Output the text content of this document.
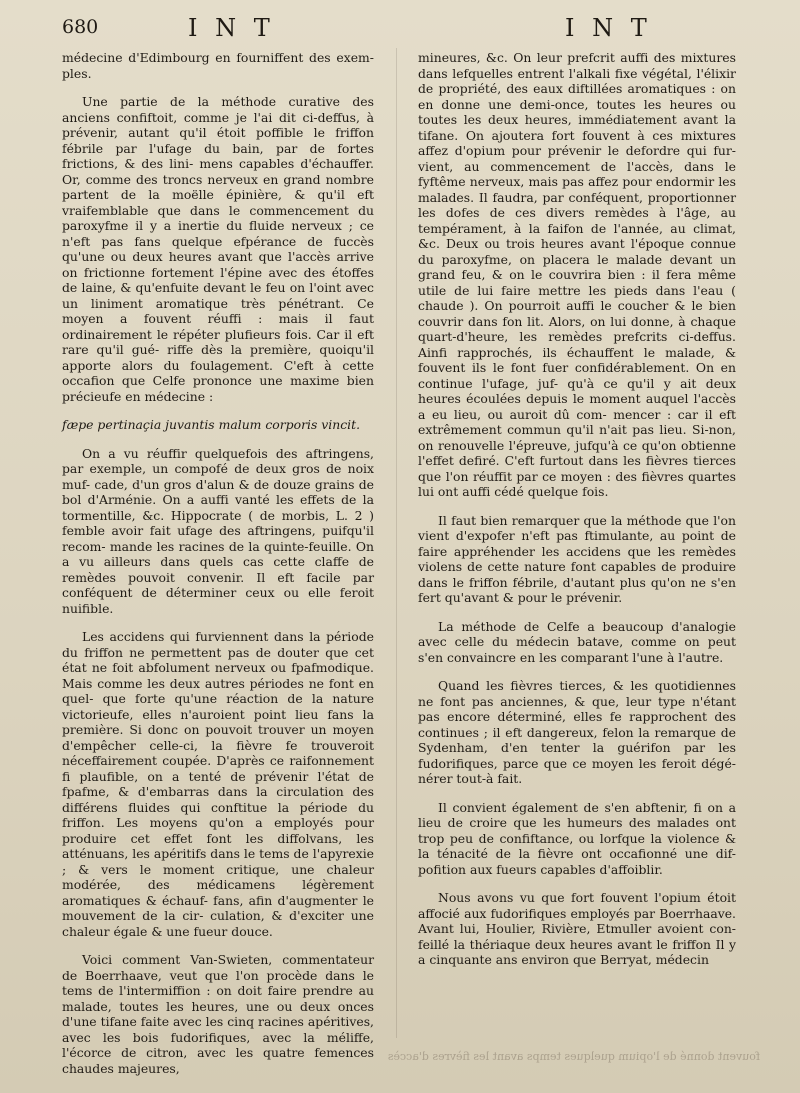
680	I N T	I N T

médecine d'Edimbourg en fourniffent des exem- ples.

Une partie de la méthode curative des anciens confiftoit, comme je l'ai dit ci-deffus, à prévenir, autant qu'il étoit poffible le friffon fébrile par l'ufage du bain, par de fortes frictions, & des lini- mens capables d'échauffer. Or, comme des troncs nerveux en grand nombre partent de la moëlle épinière, & qu'il eft vraifemblable que dans le commencement du paroxyfme il y a inertie du fluide nerveux ; ce n'eft pas fans quelque efpérance de fuccès qu'une ou deux heures avant que l'accès arrive on frictionne fortement l'épine avec des étoffes de laine, & qu'enfuite devant le feu on l'oint avec un liniment aromatique très pénétrant. Ce moyen a fouvent réuffi : mais il faut ordinairement le répéter plufieurs fois. Car il eft rare qu'il gué- riffe dès la première, quoiqu'il apporte alors du foulagement. C'eft à cette occafion que Celfe prononce une maxime bien précieufe en médecine :

fæpe pertinaçia juvantis malum corporis vincit.

On a vu réuffir quelquefois des aftringens, par exemple, un compofé de deux gros de noix muf- cade, d'un gros d'alun & de douze grains de bol d'Arménie. On a auffi vanté les effets de la tormentille, &c. Hippocrate ( de morbis, L. 2 ) femble avoir fait ufage des aftringens, puifqu'il recom- mande les racines de la quinte-feuille. On a vu ailleurs dans quels cas cette claffe de remèdes pouvoit convenir. Il eft facile par conféquent de déterminer ceux ou elle feroit nuifible.

Les accidens qui furviennent dans la période du friffon ne permettent pas de douter que cet état ne foit abfolument nerveux ou fpafmodique. Mais comme les deux autres périodes ne font en quel- que forte qu'une réaction de la nature victorieufe, elles n'auroient point lieu fans la première. Si donc on pouvoit trouver un moyen d'empêcher celle-ci, la fièvre fe trouveroit néceffairement coupée. D'après ce raifonnement fi plaufible, on a tenté de prévenir l'état de fpafme, & d'embarras dans la circulation des différens fluides qui conftitue la période du friffon. Les moyens qu'on a employés pour produire cet effet font les diffolvans, les atténuans, les apéritifs dans le tems de l'apyrexie ; & vers le moment critique, une chaleur modérée, des médicamens légèrement aromatiques & échauf- fans, afin d'augmenter le mouvement de la cir- culation, & d'exciter une chaleur égale & une fueur douce.

Voici comment Van-Swieten, commentateur de Boerrhaave, veut que l'on procède dans le tems de l'intermiffion : on doit faire prendre au malade, toutes les heures, une ou deux onces d'une tifane faite avec les cinq racines apéritives, avec les bois fudorifiques, avec la méliffe, l'écorce de citron, avec les quatre femences chaudes majeures,

mineures, &c. On leur prefcrit auffi des mixtures dans lefquelles entrent l'alkali fixe végétal, l'élixir de propriété, des eaux diftillées aromatiques : on en donne une demi-once, toutes les heures ou toutes les deux heures, immédiatement avant la tifane. On ajoutera fort fouvent à ces mixtures affez d'opium pour prévenir le defordre qui fur- vient, au commencement de l'accès, dans le fyftême nerveux, mais pas affez pour endormir les malades. Il faudra, par conféquent, proportionner les dofes de ces divers remèdes à l'âge, au tempérament, à la faifon de l'année, au climat, &c. Deux ou trois heures avant l'époque connue du paroxyfme, on placera le malade devant un grand feu, & on le couvrira bien : il fera même utile de lui faire mettre les pieds dans l'eau ( chaude ). On pourroit auffi le coucher & le bien couvrir dans fon lit. Alors, on lui donne, à chaque quart-d'heure, les remèdes prefcrits ci-deffus. Ainfi rapprochés, ils échauffent le malade, & fouvent ils le font fuer confidérablement. On en continue l'ufage, juf- qu'à ce qu'il y ait deux heures écoulées depuis le moment auquel l'accès a eu lieu, ou auroit dû com- mencer : car il eft extrêmement commun qu'il n'ait pas lieu. Si-non, on renouvelle l'épreuve, jufqu'à ce qu'on obtienne l'effet defiré. C'eft furtout dans les fièvres tierces que l'on réuffit par ce moyen : des fièvres quartes lui ont auffi cédé quelque fois.

Il faut bien remarquer que la méthode que l'on vient d'expofer n'eft pas ftimulante, au point de faire appréhender les accidens que les remèdes violens de cette nature font capables de produire dans le friffon fébrile, d'autant plus qu'on ne s'en fert qu'avant & pour le prévenir.

La méthode de Celfe a beaucoup d'analogie avec celle du médecin batave, comme on peut s'en convaincre en les comparant l'une à l'autre.

Quand les fièvres tierces, & les quotidiennes ne font pas anciennes, & que, leur type n'étant pas encore déterminé, elles fe rapprochent des continues ; il eft dangereux, felon la remarque de Sydenham, d'en tenter la guérifon par les fudorifiques, parce que ce moyen les feroit dégé- nérer tout-à fait.

Il convient également de s'en abftenir, fi on a lieu de croire que les humeurs des malades ont trop peu de confiftance, ou lorfque la violence & la ténacité de la fièvre ont occafionné une dif- pofition aux fueurs capables d'affoiblir.

Nous avons vu que fort fouvent l'opium étoit affocié aux fudorifiques employés par Boerrhaave. Avant lui, Houlier, Rivière, Etmuller avoient con- feillé la thériaque deux heures avant le friffon Il y a cinquante ans environ que Berryat, médecin

fouvent donné de l'opium quelques temps avant les fièvres d'accès
